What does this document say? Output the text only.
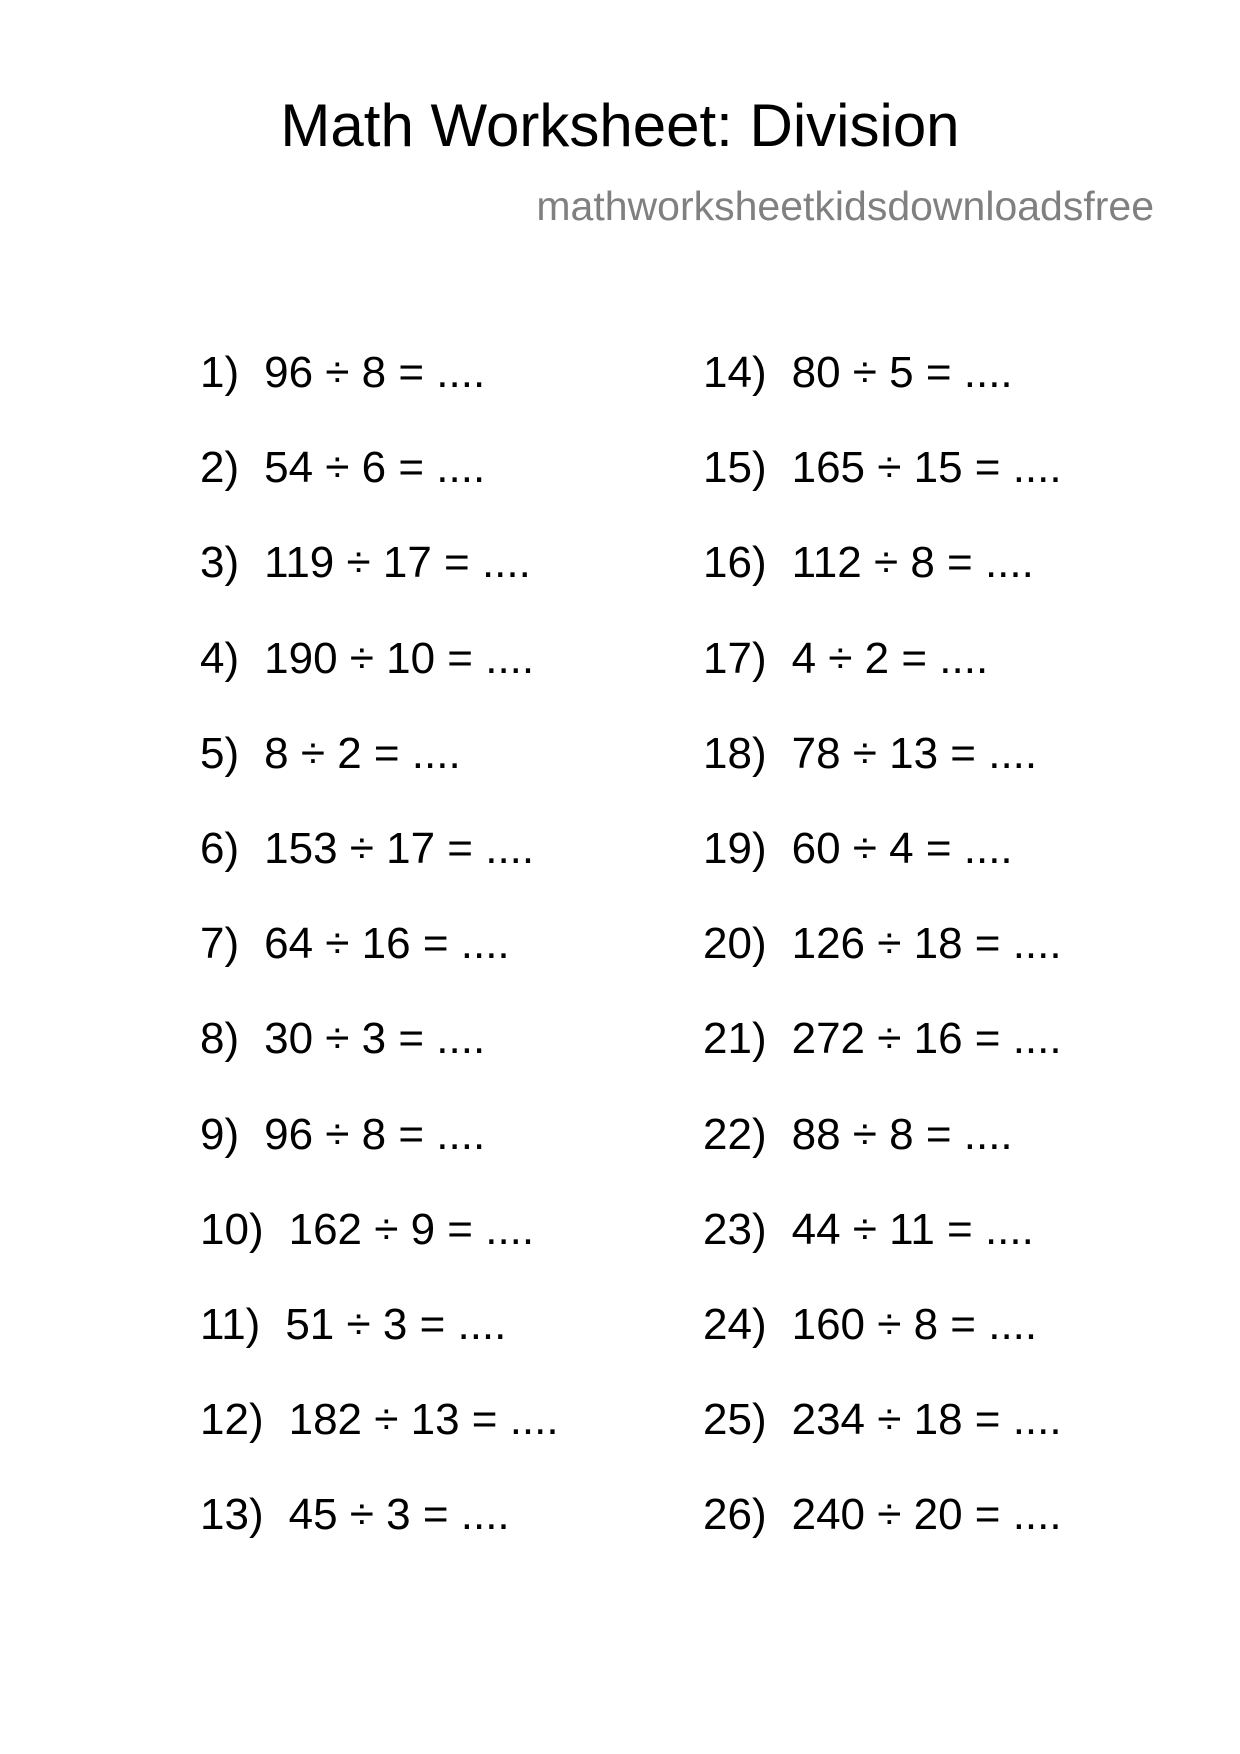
Math Worksheet: Division
mathworksheetkidsdownloadsfree
1) 96 ÷ 8 = ....
2) 54 ÷ 6 = ....
3) 119 ÷ 17 = ....
4) 190 ÷ 10 = ....
5) 8 ÷ 2 = ....
6) 153 ÷ 17 = ....
7) 64 ÷ 16 = ....
8) 30 ÷ 3 = ....
9) 96 ÷ 8 = ....
10) 162 ÷ 9 = ....
11) 51 ÷ 3 = ....
12) 182 ÷ 13 = ....
13) 45 ÷ 3 = ....
14) 80 ÷ 5 = ....
15) 165 ÷ 15 = ....
16) 112 ÷ 8 = ....
17) 4 ÷ 2 = ....
18) 78 ÷ 13 = ....
19) 60 ÷ 4 = ....
20) 126 ÷ 18 = ....
21) 272 ÷ 16 = ....
22) 88 ÷ 8 = ....
23) 44 ÷ 11 = ....
24) 160 ÷ 8 = ....
25) 234 ÷ 18 = ....
26) 240 ÷ 20 = ....
